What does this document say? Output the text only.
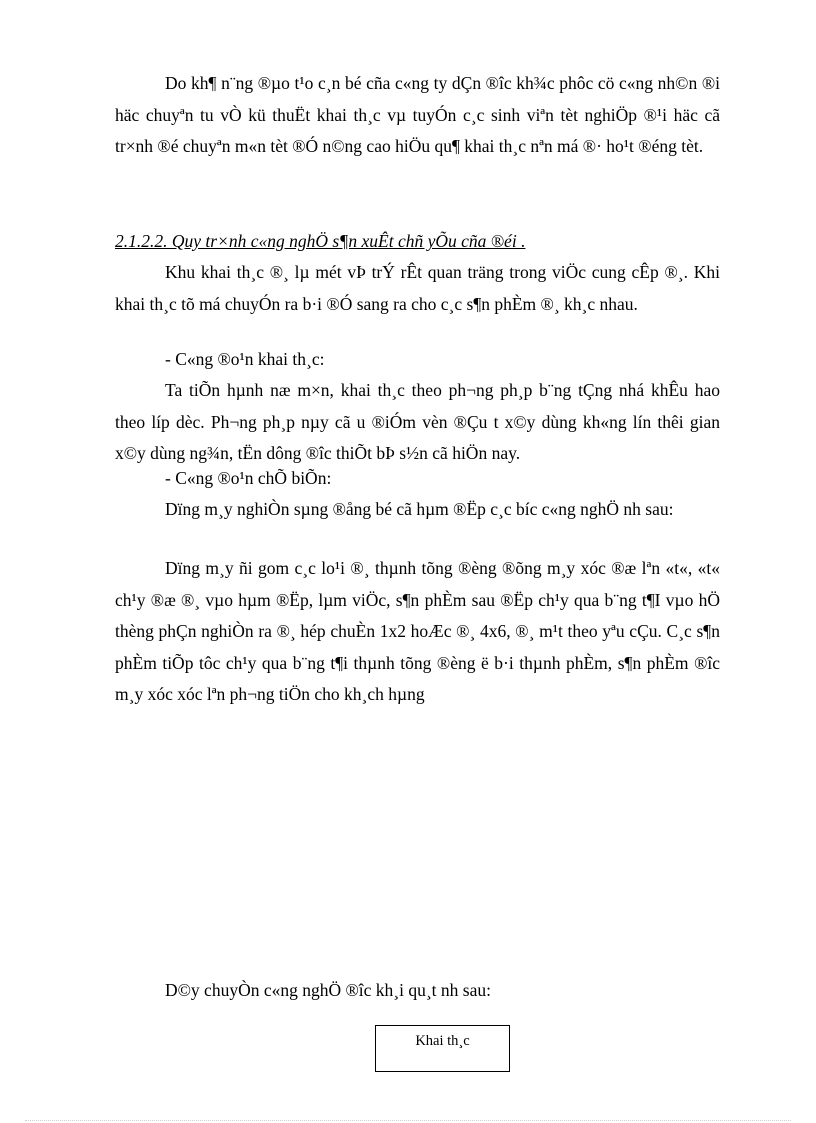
Do kh¶ n¨ng ®µo t¹o c¸n bé cña c«ng ty dÇn ®îc kh¾c phôc cö c«ng nh©n ®i häc chuyªn tu vÒ kü thuËt khai th¸c vµ tuyÓn c¸c sinh viªn tèt nghiÖp ®¹i häc cã tr×nh ®é chuyªn m«n tèt ®Ó n©ng cao hiÖu qu¶ khai th¸c nªn má ®· ho¹t ®éng tèt.

2.1.2.2. Quy tr×nh c«ng nghÖ s¶n xuÊt chñ yÕu cña ®éi .

Khu khai th¸c ®¸ lµ mét vÞ trÝ rÊt quan träng trong viÖc cung cÊp ®¸. Khi khai th¸c tõ má chuyÓn ra b·i ®Ó sang ra cho c¸c s¶n phÈm ®¸ kh¸c nhau.

- C«ng ®o¹n khai th¸c:

Ta tiÕn hµnh næ m×n, khai th¸c theo ph¬ng ph¸p b¨ng tÇng nhá khÊu hao theo líp dèc. Ph¬ng ph¸p nµy cã u ®iÓm vèn ®Çu t x©y dùng kh«ng lín thêi gian x©y dùng ng¾n, tËn dông ®îc thiÕt bÞ s½n cã hiÖn nay.

- C«ng ®o¹n chÕ biÕn:

Dïng m¸y nghiÒn sµng ®ång bé cã hµm ®Ëp c¸c bíc c«ng nghÖ nh sau:

Dïng m¸y ñi gom c¸c lo¹i ®¸ thµnh tõng ®èng ®õng m¸y xóc ®æ lªn «t«, «t« ch¹y ®æ ®¸ vµo hµm ®Ëp, lµm viÖc, s¶n phÈm sau ®Ëp ch¹y qua b¨ng t¶I vµo hÖ thèng phÇn nghiÒn ra ®¸ hép chuÈn 1x2 hoÆc ®¸ 4x6, ®¸ m¹t theo yªu cÇu. C¸c s¶n phÈm tiÕp tôc ch¹y qua b¨ng t¶i thµnh tõng ®èng ë b·i thµnh phÈm, s¶n phÈm ®îc m¸y xóc xóc lªn ph¬ng tiÖn cho kh¸ch hµng

D©y chuyÒn c«ng nghÖ ®îc kh¸i qu¸t nh sau:

Khai th¸c
